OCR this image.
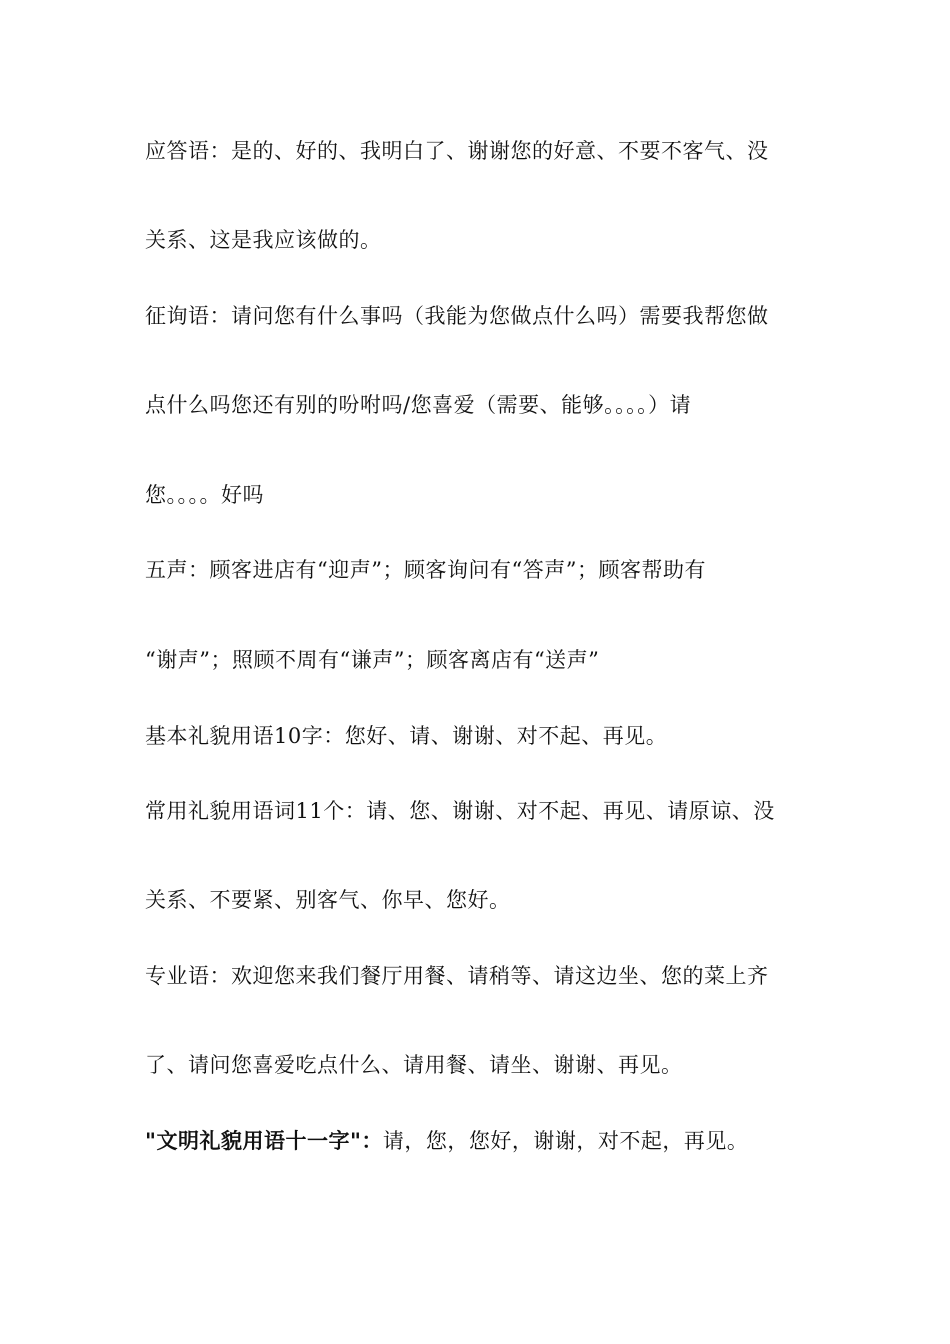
应答语：是的、好的、我明白了、谢谢您的好意、不要不客气、没
关系、这是我应该做的。
征询语：请问您有什么事吗（我能为您做点什么吗）需要我帮您做
点什么吗您还有别的吩咐吗/您喜爱（需要、能够。。。。）请
您。。。。好吗
五声：顾客进店有“迎声”；顾客询问有“答声”；顾客帮助有
“谢声”；照顾不周有“谦声”；顾客离店有“送声”
基本礼貌用语10字：您好、请、谢谢、对不起、再见。
常用礼貌用语词11个：请、您、谢谢、对不起、再见、请原谅、没
关系、不要紧、别客气、你早、您好。
专业语：欢迎您来我们餐厅用餐、请稍等、请这边坐、您的菜上齐
了、请问您喜爱吃点什么、请用餐、请坐、谢谢、再见。
"文明礼貌用语十一字"：请，您，您好，谢谢，对不起，再见。
